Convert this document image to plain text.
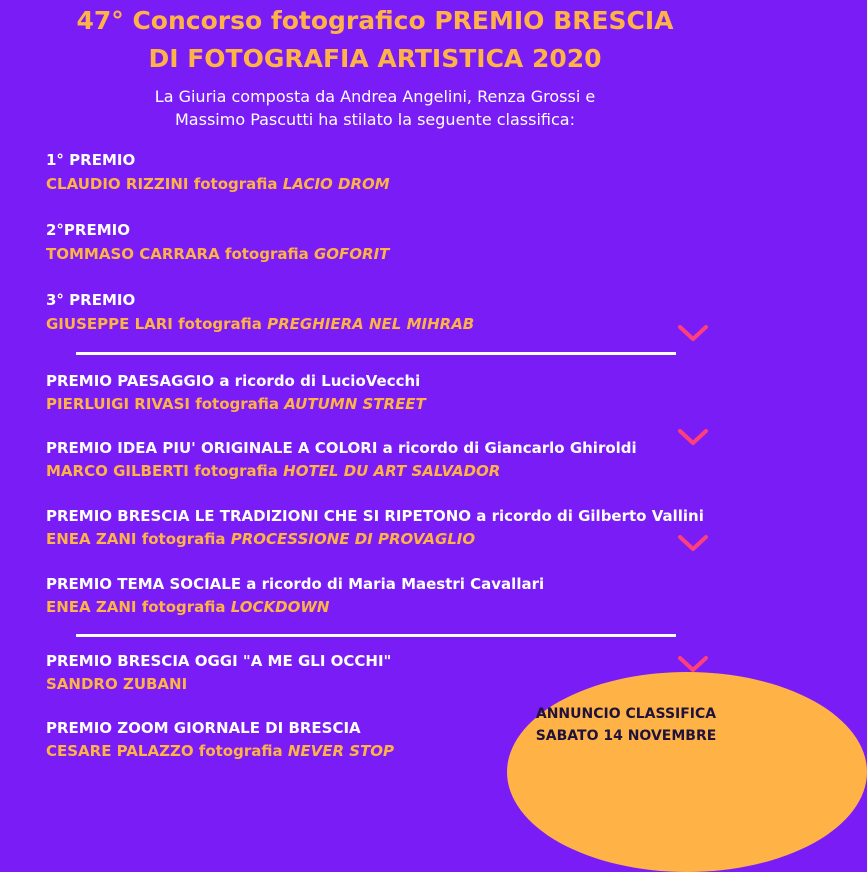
47° Concorso fotografico PREMIO BRESCIA
DI FOTOGRAFIA ARTISTICA 2020
La Giuria composta da Andrea Angelini, Renza Grossi e
Massimo Pascutti ha stilato la seguente classifica:
1° PREMIO
CLAUDIO RIZZINI fotografia LACIO DROM
2°PREMIO
TOMMASO CARRARA fotografia GOFORIT
3° PREMIO
GIUSEPPE LARI fotografia PREGHIERA NEL MIHRAB
PREMIO PAESAGGIO a ricordo di LucioVecchi
PIERLUIGI RIVASI fotografia AUTUMN STREET
PREMIO IDEA PIU' ORIGINALE A COLORI a ricordo di Giancarlo Ghiroldi
MARCO GILBERTI fotografia HOTEL DU ART SALVADOR
PREMIO BRESCIA LE TRADIZIONI CHE SI RIPETONO a ricordo di Gilberto Vallini
ENEA ZANI fotografia PROCESSIONE DI PROVAGLIO
PREMIO TEMA SOCIALE a ricordo di Maria Maestri Cavallari
ENEA ZANI fotografia LOCKDOWN
PREMIO BRESCIA OGGI "A ME GLI OCCHI"
SANDRO ZUBANI
PREMIO ZOOM GIORNALE DI BRESCIA
CESARE PALAZZO fotografia NEVER STOP
ANNUNCIO CLASSIFICA
SABATO 14 NOVEMBRE
